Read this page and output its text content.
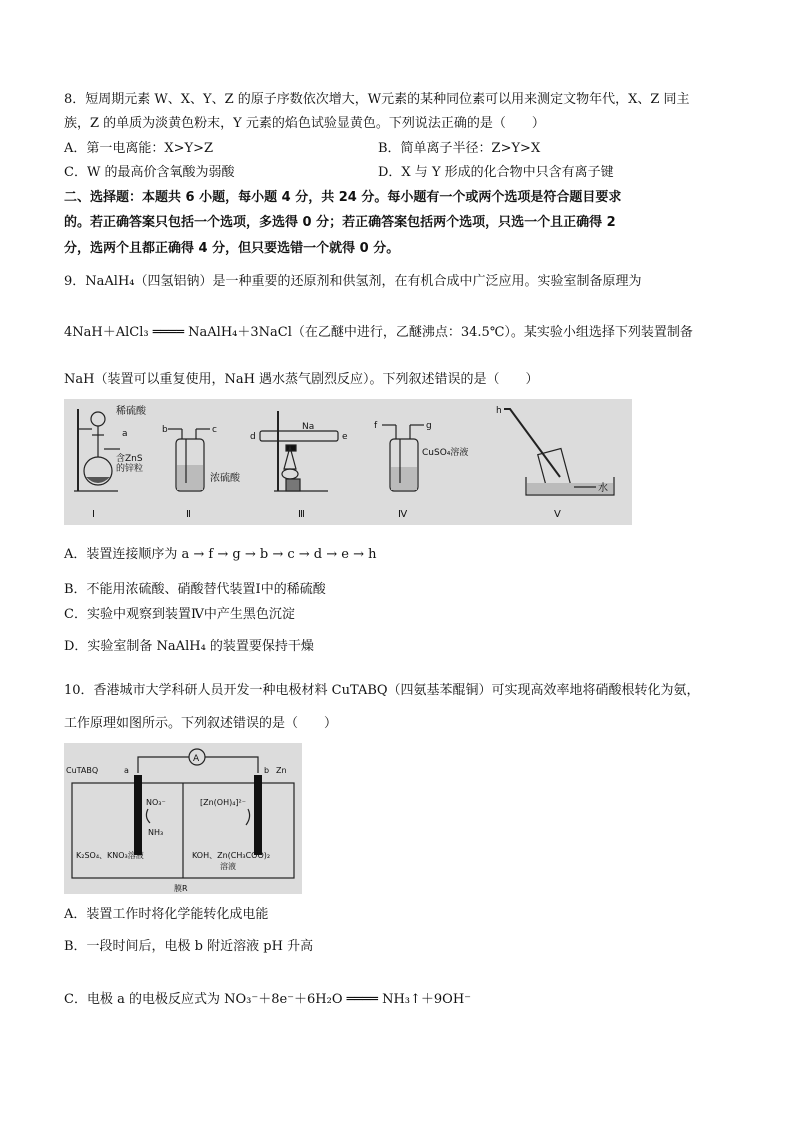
8．短周期元素 W、X、Y、Z 的原子序数依次增大，W元素的某种同位素可以用来测定文物年代，X、Z 同主
族，Z 的单质为淡黄色粉末，Y 元素的焰色试验显黄色。下列说法正确的是（　　）
A．第一电离能：X>Y>Z	B．简单离子半径：Z>Y>X
C．W 的最高价含氧酸为弱酸	D．X 与 Y 形成的化合物中只含有离子键
二、选择题：本题共 6 小题，每小题 4 分，共 24 分。每小题有一个或两个选项是符合题目要求
的。若正确答案只包括一个选项，多选得 0 分；若正确答案包括两个选项，只选一个且正确得 2
分，选两个且都正确得 4 分，但只要选错一个就得 0 分。
9．NaAlH₄（四氢铝钠）是一种重要的还原剂和供氢剂，在有机合成中广泛应用。实验室制备原理为
4NaH＋AlCl₃ ════ NaAlH₄＋3NaCl（在乙醚中进行，乙醚沸点：34.5℃）。某实验小组选择下列装置制备
NaH（装置可以重复使用，NaH 遇水蒸气剧烈反应）。下列叙述错误的是（　　）
稀硫酸
a
含ZnS
的锌粒
Ⅰ
b	c
浓硫酸
Ⅱ
d	e
Na
Ⅲ
f	g
CuSO₄溶液
Ⅳ
h
水
Ⅴ
A．装置连接顺序为 a → f → g → b → c → d → e → h
B．不能用浓硫酸、硝酸替代装置Ⅰ中的稀硫酸
C．实验中观察到装置Ⅳ中产生黑色沉淀
D．实验室制备 NaAlH₄ 的装置要保持干燥
10．香港城市大学科研人员开发一种电极材料 CuTABQ（四氨基苯醌铜）可实现高效率地将硝酸根转化为氨，
工作原理如图所示。下列叙述错误的是（　　）
A
CuTABQ	a	b Zn
NO₃⁻
NH₃
[Zn(OH)₄]²⁻
K₂SO₄、KNO₃溶液	KOH、Zn(CH₃COO)₂
溶液
膜R
A．装置工作时将化学能转化成电能
B．一段时间后，电极 b 附近溶液 pH 升高
C．电极 a 的电极反应式为 NO₃⁻＋8e⁻＋6H₂O ════ NH₃↑＋9OH⁻
